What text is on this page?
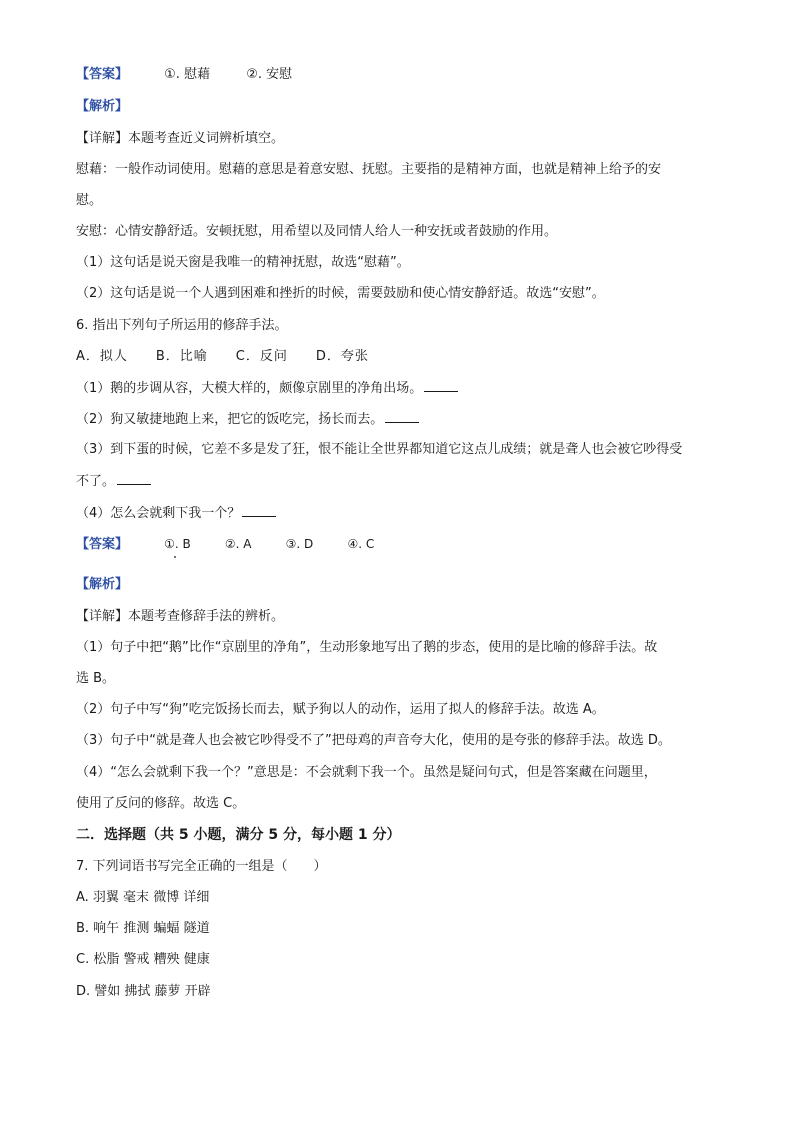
【答案】	①. 慰藉	②. 安慰
【解析】
【详解】本题考查近义词辨析填空。
慰藉：一般作动词使用。慰藉的意思是着意安慰、抚慰。主要指的是精神方面，也就是精神上给予的安
慰。
安慰：心情安静舒适。安顿抚慰，用希望以及同情人给人一种安抚或者鼓励的作用。
（1）这句话是说天窗是我唯一的精神抚慰，故选“慰藉”。
（2）这句话是说一个人遇到困难和挫折的时候，需要鼓励和使心情安静舒适。故选“安慰”。
6. 指出下列句子所运用的修辞手法。
A．拟人　　B．比喻　　C．反问　　D．夸张
（1）鹅的步调从容，大模大样的，颇像京剧里的净角出场。
（2）狗又敏捷地跑上来，把它的饭吃完，扬长而去。
（3）到下蛋的时候，它差不多是发了狂，恨不能让全世界都知道它这点儿成绩；就是聋人也会被它吵得受
不了。
（4）怎么会就剩下我一个？
【答案】	①. B	②. A	③. D	④. C
【解析】
【详解】本题考查修辞手法的辨析。
（1）句子中把“鹅”比作“京剧里的净角”，生动形象地写出了鹅的步态，使用的是比喻的修辞手法。故
选 B。
（2）句子中写“狗”吃完饭扬长而去，赋予狗以人的动作，运用了拟人的修辞手法。故选 A。
（3）句子中“就是聋人也会被它吵得受不了”把母鸡的声音夸大化，使用的是夸张的修辞手法。故选 D。
（4）“怎么会就剩下我一个？”意思是：不会就剩下我一个。虽然是疑问句式，但是答案藏在问题里，
使用了反问的修辞。故选 C。
二．选择题（共 5 小题，满分 5 分，每小题 1 分）
7. 下列词语书写完全正确的一组是（　　）
A. 羽翼 毫末 微博 详细
B. 响午 推测 蝙蝠 隧道
C. 松脂 警戒 糟殃 健康
D. 譬如 拂拭 藤萝 开辟
